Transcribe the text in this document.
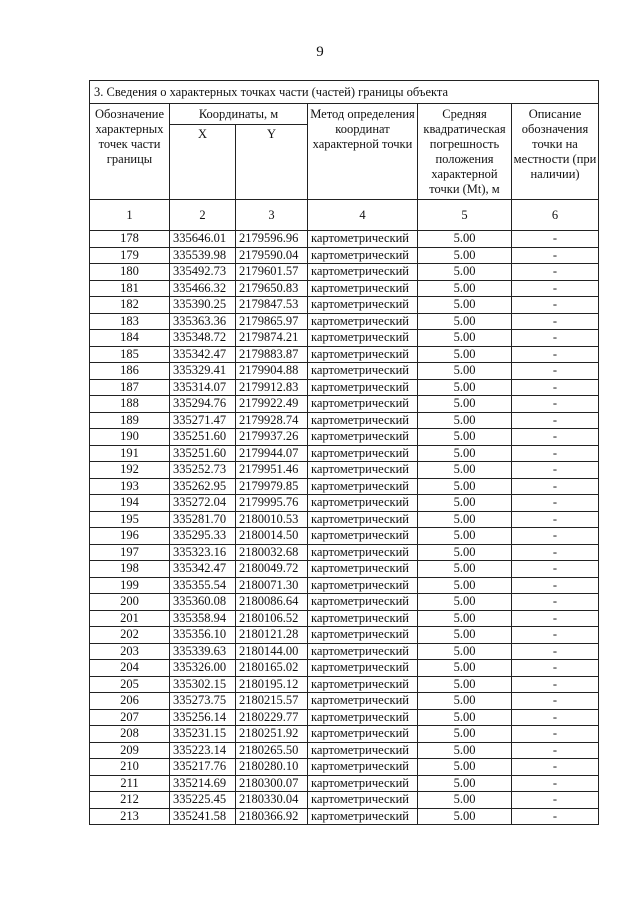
9
3. Сведения о характерных точках части (частей) границы объекта					
Обозначение характерных точек части границы	Координаты, м		Метод определения координат характерной точки	Средняя квадратическая погрешность положения характерной точки (Mt), м	Описание обозначения точки на местности (при наличии)
	X	Y			
1	2	3	4	5	6
178	335646.01	2179596.96	картометрический	5.00	-
179	335539.98	2179590.04	картометрический	5.00	-
180	335492.73	2179601.57	картометрический	5.00	-
181	335466.32	2179650.83	картометрический	5.00	-
182	335390.25	2179847.53	картометрический	5.00	-
183	335363.36	2179865.97	картометрический	5.00	-
184	335348.72	2179874.21	картометрический	5.00	-
185	335342.47	2179883.87	картометрический	5.00	-
186	335329.41	2179904.88	картометрический	5.00	-
187	335314.07	2179912.83	картометрический	5.00	-
188	335294.76	2179922.49	картометрический	5.00	-
189	335271.47	2179928.74	картометрический	5.00	-
190	335251.60	2179937.26	картометрический	5.00	-
191	335251.60	2179944.07	картометрический	5.00	-
192	335252.73	2179951.46	картометрический	5.00	-
193	335262.95	2179979.85	картометрический	5.00	-
194	335272.04	2179995.76	картометрический	5.00	-
195	335281.70	2180010.53	картометрический	5.00	-
196	335295.33	2180014.50	картометрический	5.00	-
197	335323.16	2180032.68	картометрический	5.00	-
198	335342.47	2180049.72	картометрический	5.00	-
199	335355.54	2180071.30	картометрический	5.00	-
200	335360.08	2180086.64	картометрический	5.00	-
201	335358.94	2180106.52	картометрический	5.00	-
202	335356.10	2180121.28	картометрический	5.00	-
203	335339.63	2180144.00	картометрический	5.00	-
204	335326.00	2180165.02	картометрический	5.00	-
205	335302.15	2180195.12	картометрический	5.00	-
206	335273.75	2180215.57	картометрический	5.00	-
207	335256.14	2180229.77	картометрический	5.00	-
208	335231.15	2180251.92	картометрический	5.00	-
209	335223.14	2180265.50	картометрический	5.00	-
210	335217.76	2180280.10	картометрический	5.00	-
211	335214.69	2180300.07	картометрический	5.00	-
212	335225.45	2180330.04	картометрический	5.00	-
213	335241.58	2180366.92	картометрический	5.00	-
